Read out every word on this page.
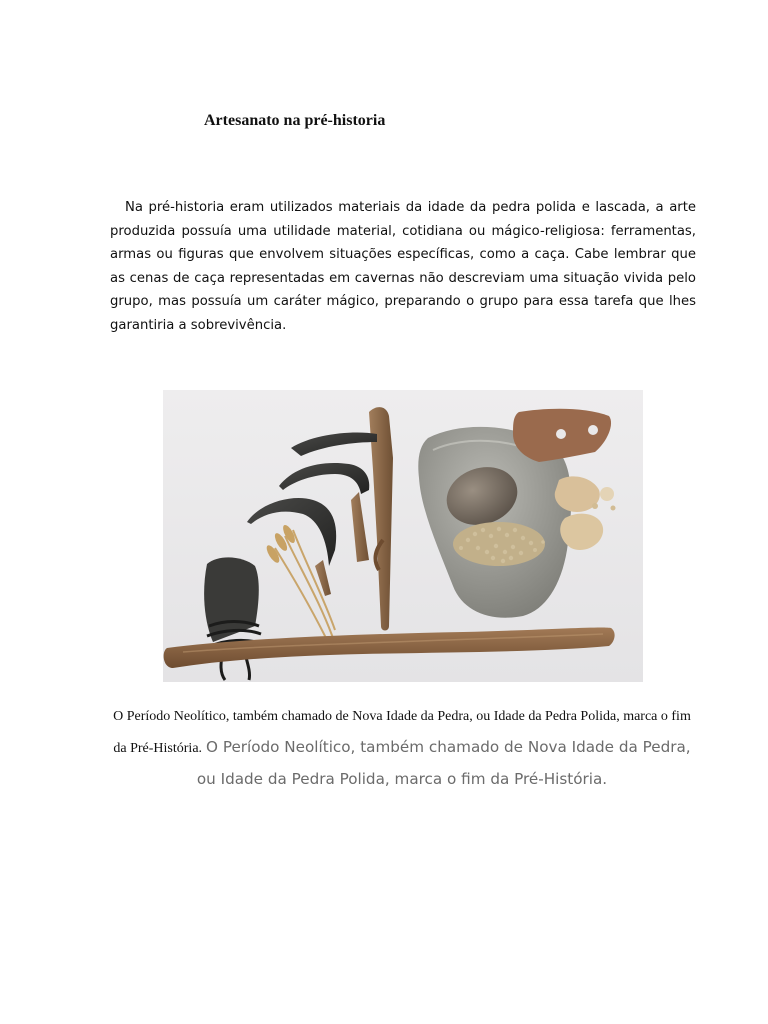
Artesanato na pré-historia

Na pré-historia eram utilizados materiais da idade da pedra polida e lascada, a arte produzida possuía uma utilidade material, cotidiana ou mágico-religiosa: ferramentas, armas ou figuras que envolvem situações específicas, como a caça. Cabe lembrar que as cenas de caça representadas em cavernas não descreviam uma situação vivida pelo grupo, mas possuía um caráter mágico, preparando o grupo para essa tarefa que lhes garantiria a sobrevivência.

O Período Neolítico, também chamado de Nova Idade da Pedra, ou Idade da Pedra Polida, marca o fim da Pré-História. O Período Neolítico, também chamado de Nova Idade da Pedra, ou Idade da Pedra Polida, marca o fim da Pré-História.
